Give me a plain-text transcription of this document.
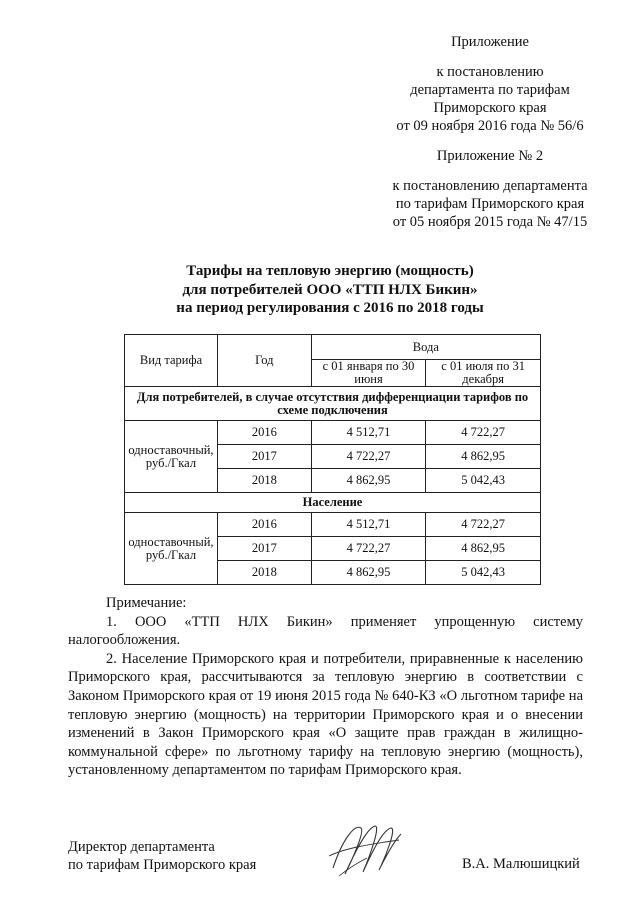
Приложение
к постановлению
департамента по тарифам
Приморского края
от 09 ноября 2016 года № 56/6
Приложение № 2
к постановлению департамента
по тарифам Приморского края
от 05 ноября 2015 года № 47/15
Тарифы на тепловую энергию (мощность)
для потребителей ООО «ТТП НЛХ Бикин»
на период регулирования с 2016 по 2018 годы
Вид тарифа	Год	Вода	
		с 01 января по 30 июня	с 01 июля по 31 декабря
Для потребителей, в случае отсутствия дифференциации тарифов по схеме подключения			
одноставочный, руб./Гкал	2016	4 512,71	4 722,27
	2017	4 722,27	4 862,95
	2018	4 862,95	5 042,43
Население			
одноставочный, руб./Гкал	2016	4 512,71	4 722,27
	2017	4 722,27	4 862,95
	2018	4 862,95	5 042,43
Примечание:

1. ООО «ТТП НЛХ Бикин» применяет упрощенную систему налогообложения.

2. Население Приморского края и потребители, приравненные к населению Приморского края, рассчитываются за тепловую энергию в соответствии с Законом Приморского края от 19 июня 2015 года № 640-КЗ «О льготном тарифе на тепловую энергию (мощность) на территории Приморского края и о внесении изменений в Закон Приморского края «О защите прав граждан в жилищно-коммунальной сфере» по льготному тарифу на тепловую энергию (мощность), установленному департаментом по тарифам Приморского края.

Директор департамента
по тарифам Приморского края	В.А. Малюшицкий
